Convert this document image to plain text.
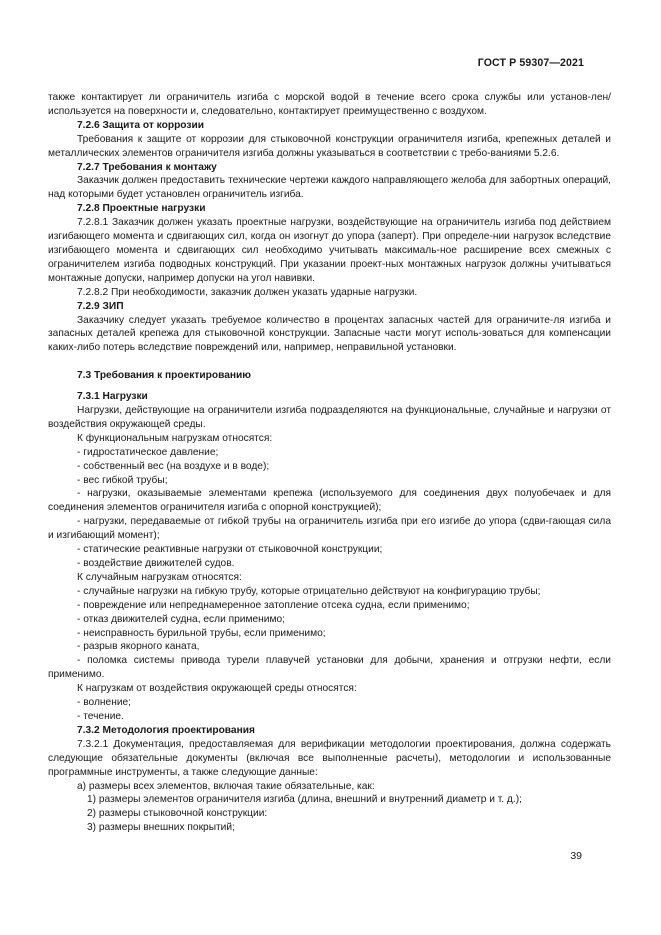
ГОСТ Р 59307—2021

также контактирует ли ограничитель изгиба с морской водой в течение всего срока службы или установ-лен/используется на поверхности и, следовательно, контактирует преимущественно с воздухом.

7.2.6 Защита от коррозии

Требования к защите от коррозии для стыковочной конструкции ограничителя изгиба, крепежных деталей и металлических элементов ограничителя изгиба должны указываться в соответствии с требо-ваниями 5.2.6.

7.2.7 Требования к монтажу

Заказчик должен предоставить технические чертежи каждого направляющего желоба для забортных операций, над которыми будет установлен ограничитель изгиба.

7.2.8 Проектные нагрузки

7.2.8.1 Заказчик должен указать проектные нагрузки, воздействующие на ограничитель изгиба под действием изгибающего момента и сдвигающих сил, когда он изогнут до упора (заперт). При определе-нии нагрузок вследствие изгибающего момента и сдвигающих сил необходимо учитывать максималь-ное расширение всех смежных с ограничителем изгиба подводных конструкций. При указании проект-ных монтажных нагрузок должны учитываться монтажные допуски, например допуски на угол навивки.

7.2.8.2 При необходимости, заказчик должен указать ударные нагрузки.

7.2.9 ЗИП

Заказчику следует указать требуемое количество в процентах запасных частей для ограничите-ля изгиба и запасных деталей крепежа для стыковочной конструкции. Запасные части могут исполь-зоваться для компенсации каких-либо потерь вследствие повреждений или, например, неправильной установки.

7.3 Требования к проектированию

7.3.1 Нагрузки

Нагрузки, действующие на ограничители изгиба подразделяются на функциональные, случайные и нагрузки от воздействия окружающей среды.

К функциональным нагрузкам относятся:

- гидростатическое давление;

- собственный вес (на воздухе и в воде);

- вес гибкой трубы;

- нагрузки, оказываемые элементами крепежа (используемого для соединения двух полуобечаек и для соединения элементов ограничителя изгиба с опорной конструкцией);

- нагрузки, передаваемые от гибкой трубы на ограничитель изгиба при его изгибе до упора (сдви-гающая сила и изгибающий момент);

- статические реактивные нагрузки от стыковочной конструкции;

- воздействие движителей судов.

К случайным нагрузкам относятся:

- случайные нагрузки на гибкую трубу, которые отрицательно действуют на конфигурацию трубы;

- повреждение или непреднамеренное затопление отсека судна, если применимо;

- отказ движителей судна, если применимо;

- неисправность бурильной трубы, если применимо;

- разрыв якорного каната,

- поломка системы привода турели плавучей установки для добычи, хранения и отгрузки нефти, если применимо.

К нагрузкам от воздействия окружающей среды относятся:

- волнение;

- течение.

7.3.2 Методология проектирования

7.3.2.1 Документация, предоставляемая для верификации методологии проектирования, должна содержать следующие обязательные документы (включая все выполненные расчеты), методологии и использованные программные инструменты, а также следующие данные:

а) размеры всех элементов, включая такие обязательные, как:

1) размеры элементов ограничителя изгиба (длина, внешний и внутренний диаметр и т. д.);

2) размеры стыковочной конструкции:

3) размеры внешних покрытий;

39
